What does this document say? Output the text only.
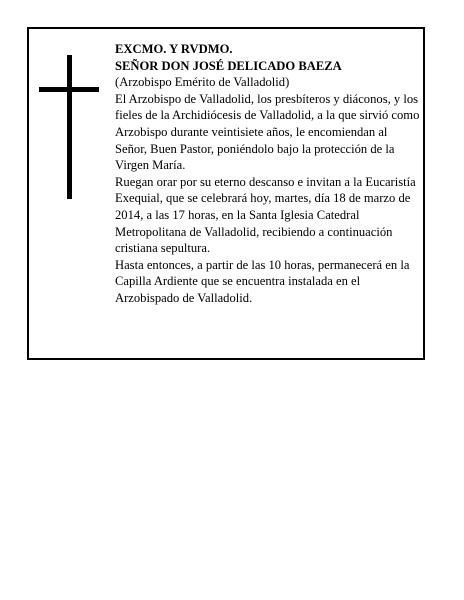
EXCMO. Y RVDMO.

SEÑOR DON JOSÉ DELICADO BAEZA

(Arzobispo Emérito de Valladolid)

El Arzobispo de Valladolid, los presbíteros y diáconos, y los fieles de la Archidiócesis de Valladolid, a la que sirvió como Arzobispo durante veintisiete años, le encomiendan al Señor, Buen Pastor, poniéndolo bajo la protección de la Virgen María.

Ruegan orar por su eterno descanso e invitan a la Eucaristía Exequial, que se celebrará hoy, martes, día 18 de marzo de 2014, a las 17 horas, en la Santa Iglesia Catedral Metropolitana de Valladolid, recibiendo a continuación cristiana sepultura.

Hasta entonces, a partir de las 10 horas, permanecerá en la Capilla Ardiente que se encuentra instalada en el Arzobispado de Valladolid.
